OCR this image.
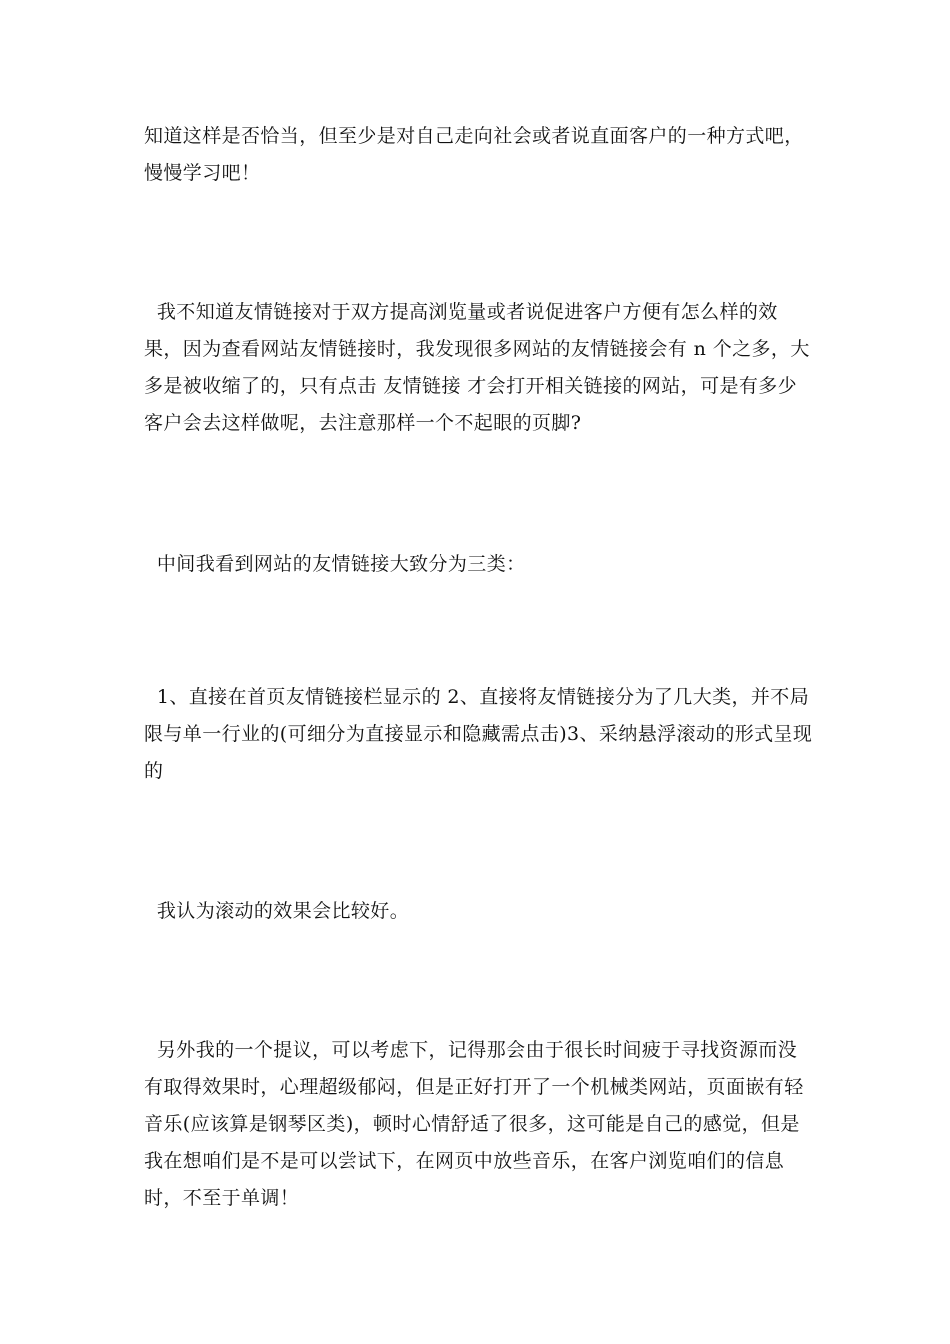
知道这样是否恰当，但至少是对自己走向社会或者说直面客户的一种方式吧，慢慢学习吧！

我不知道友情链接对于双方提高浏览量或者说促进客户方便有怎么样的效果，因为查看网站友情链接时，我发现很多网站的友情链接会有 n 个之多，大多是被收缩了的，只有点击 友情链接 才会打开相关链接的网站，可是有多少客户会去这样做呢，去注意那样一个不起眼的页脚?

中间我看到网站的友情链接大致分为三类：

1、直接在首页友情链接栏显示的 2、直接将友情链接分为了几大类，并不局限与单一行业的(可细分为直接显示和隐藏需点击)3、采纳悬浮滚动的形式呈现的

我认为滚动的效果会比较好。

另外我的一个提议，可以考虑下，记得那会由于很长时间疲于寻找资源而没有取得效果时，心理超级郁闷，但是正好打开了一个机械类网站，页面嵌有轻音乐(应该算是钢琴区类)，顿时心情舒适了很多，这可能是自己的感觉，但是我在想咱们是不是可以尝试下，在网页中放些音乐，在客户浏览咱们的信息时，不至于单调！
